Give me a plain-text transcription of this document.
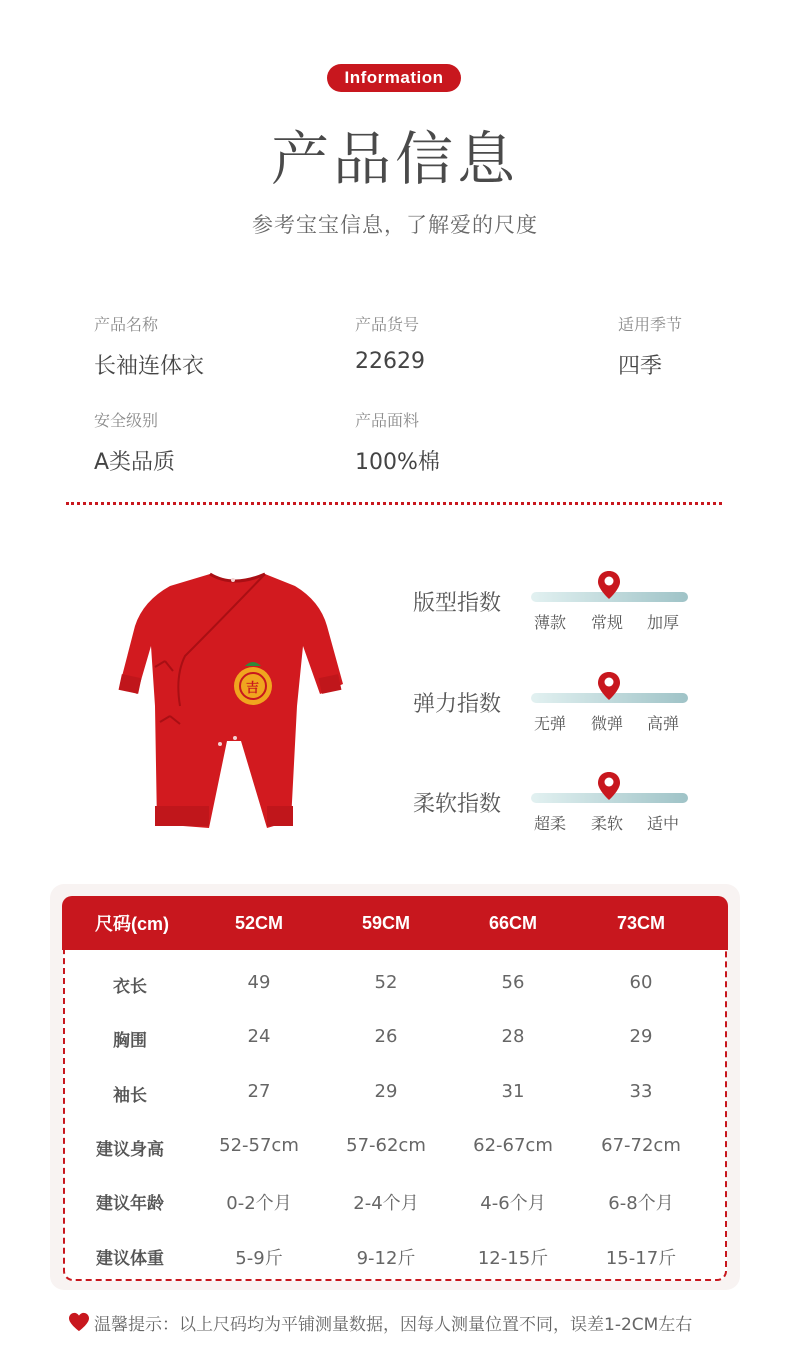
Information
产品信息
参考宝宝信息，了解爱的尺度
产品名称
长袖连体衣
产品货号
22629
适用季节
四季
安全级别
A类品质
产品面料
100%棉
吉
版型指数
薄款 常规 加厚
弹力指数
无弹 微弹 高弹
柔软指数
超柔 柔软 适中
尺码(cm)	52CM	59CM	66CM	73CM
衣长	49	52	56	60
胸围	24	26	28	29
袖长	27	29	31	33
建议身高	52-57cm	57-62cm	62-67cm	67-72cm
建议年龄	0-2个月	2-4个月	4-6个月	6-8个月
建议体重	5-9斤	9-12斤	12-15斤	15-17斤
温馨提示：以上尺码均为平铺测量数据，因每人测量位置不同，误差1-2CM左右
